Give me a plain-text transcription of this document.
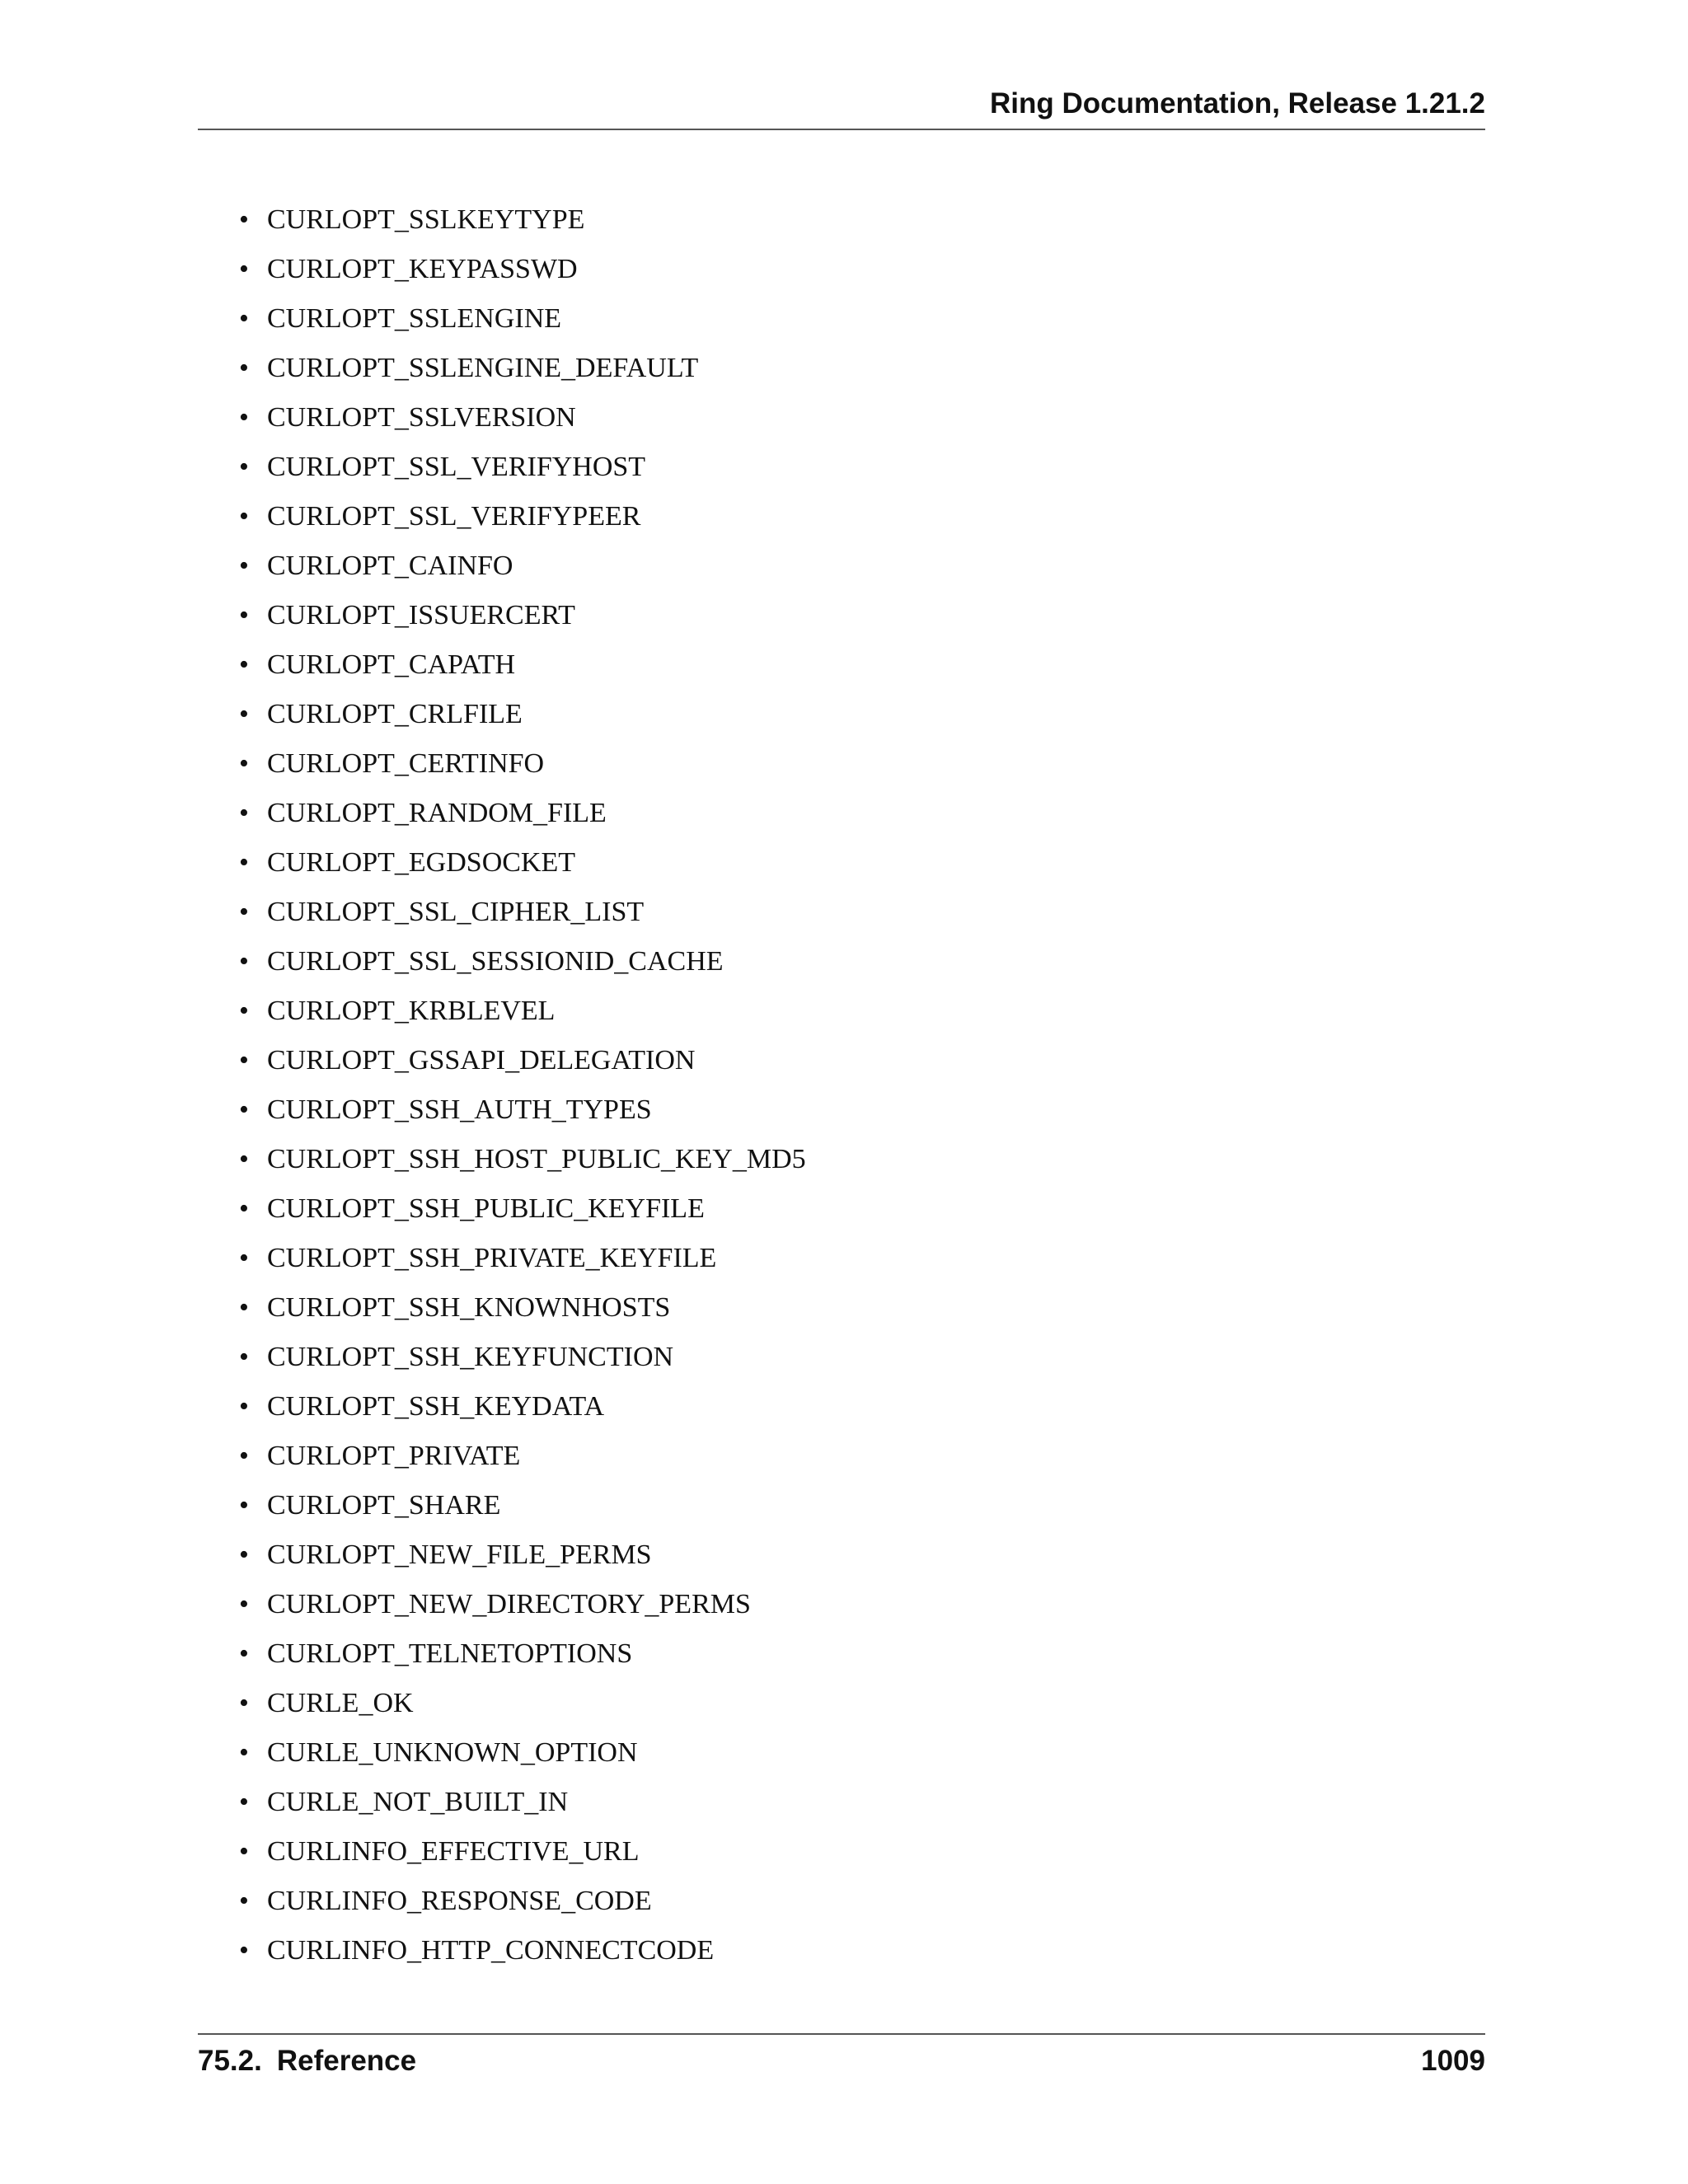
Ring Documentation, Release 1.21.2
• CURLOPT_SSLKEYTYPE
• CURLOPT_KEYPASSWD
• CURLOPT_SSLENGINE
• CURLOPT_SSLENGINE_DEFAULT
• CURLOPT_SSLVERSION
• CURLOPT_SSL_VERIFYHOST
• CURLOPT_SSL_VERIFYPEER
• CURLOPT_CAINFO
• CURLOPT_ISSUERCERT
• CURLOPT_CAPATH
• CURLOPT_CRLFILE
• CURLOPT_CERTINFO
• CURLOPT_RANDOM_FILE
• CURLOPT_EGDSOCKET
• CURLOPT_SSL_CIPHER_LIST
• CURLOPT_SSL_SESSIONID_CACHE
• CURLOPT_KRBLEVEL
• CURLOPT_GSSAPI_DELEGATION
• CURLOPT_SSH_AUTH_TYPES
• CURLOPT_SSH_HOST_PUBLIC_KEY_MD5
• CURLOPT_SSH_PUBLIC_KEYFILE
• CURLOPT_SSH_PRIVATE_KEYFILE
• CURLOPT_SSH_KNOWNHOSTS
• CURLOPT_SSH_KEYFUNCTION
• CURLOPT_SSH_KEYDATA
• CURLOPT_PRIVATE
• CURLOPT_SHARE
• CURLOPT_NEW_FILE_PERMS
• CURLOPT_NEW_DIRECTORY_PERMS
• CURLOPT_TELNETOPTIONS
• CURLE_OK
• CURLE_UNKNOWN_OPTION
• CURLE_NOT_BUILT_IN
• CURLINFO_EFFECTIVE_URL
• CURLINFO_RESPONSE_CODE
• CURLINFO_HTTP_CONNECTCODE
75.2. Reference	1009
